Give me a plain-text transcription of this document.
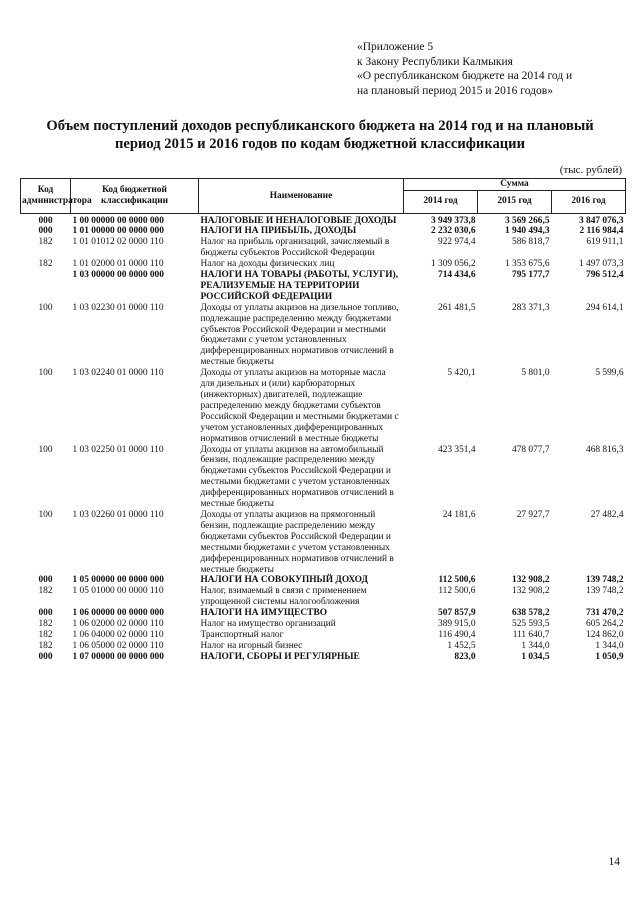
«Приложение 5
к Закону Республики Калмыкия
«О республиканском бюджете на 2014 год и
на плановый период 2015 и 2016 годов»
Объем поступлений доходов республиканского бюджета на 2014 год и на плановый
период 2015 и 2016 годов по кодам бюджетной классификации
(тыс. рублей)
Код администратора	Код бюджетной классификации	Наименование	Сумма		
			2014 год	2015 год	2016 год
000	1 00 00000 00 0000 000	НАЛОГОВЫЕ И НЕНАЛОГОВЫЕ ДОХОДЫ	3 949 373,8	3 569 266,5	3 847 076,3
000	1 01 00000 00 0000 000	НАЛОГИ НА ПРИБЫЛЬ, ДОХОДЫ	2 232 030,6	1 940 494,3	2 116 984,4
182	1 01 01012 02 0000 110	Налог на прибыль организаций, зачисляемый в бюджеты субъектов Российской Федерации	922 974,4	586 818,7	619 911,1
182	1 01 02000 01 0000 110	Налог на доходы физических лиц	1 309 056,2	1 353 675,6	1 497 073,3
	1 03 00000 00 0000 000	НАЛОГИ НА ТОВАРЫ (РАБОТЫ, УСЛУГИ), РЕАЛИЗУЕМЫЕ НА ТЕРРИТОРИИ РОССИЙСКОЙ ФЕДЕРАЦИИ	714 434,6	795 177,7	796 512,4
100	1 03 02230 01 0000 110	Доходы от уплаты акцизов на дизельное топливо, подлежащие распределению между бюджетами субъектов Российской Федерации и местными бюджетами с учетом установленных дифференцированных нормативов отчислений в местные бюджеты	261 481,5	283 371,3	294 614,1
100	1 03 02240 01 0000 110	Доходы от уплаты акцизов на моторные масла для дизельных и (или) карбюраторных (инжекторных) двигателей, подлежащие распределению между бюджетами субъектов Российской Федерации и местными бюджетами с учетом установленных дифференцированных нормативов отчислений в местные бюджеты	5 420,1	5 801,0	5 599,6
100	1 03 02250 01 0000 110	Доходы от уплаты акцизов на автомобильный бензин, подлежащие распределению между бюджетами субъектов Российской Федерации и местными бюджетами с учетом установленных дифференцированных нормативов отчислений в местные бюджеты	423 351,4	478 077,7	468 816,3
100	1 03 02260 01 0000 110	Доходы от уплаты акцизов на прямогонный бензин, подлежащие распределению между бюджетами субъектов Российской Федерации и местными бюджетами с учетом установленных дифференцированных нормативов отчислений в местные бюджеты	24 181,6	27 927,7	27 482,4
000	1 05 00000 00 0000 000	НАЛОГИ НА СОВОКУПНЫЙ ДОХОД	112 500,6	132 908,2	139 748,2
182	1 05 01000 00 0000 110	Налог, взимаемый в связи с применением упрощенной системы налогообложения	112 500,6	132 908,2	139 748,2
000	1 06 00000 00 0000 000	НАЛОГИ НА ИМУЩЕСТВО	507 857,9	638 578,2	731 470,2
182	1 06 02000 02 0000 110	Налог на имущество организаций	389 915,0	525 593,5	605 264,2
182	1 06 04000 02 0000 110	Транспортный налог	116 490,4	111 640,7	124 862,0
182	1 06 05000 02 0000 110	Налог на игорный бизнес	1 452,5	1 344,0	1 344,0
000	1 07 00000 00 0000 000	НАЛОГИ, СБОРЫ И РЕГУЛЯРНЫЕ	823,0	1 034,5	1 050,9
14
